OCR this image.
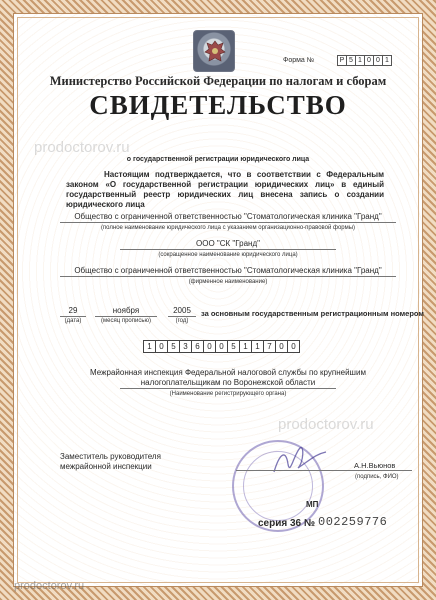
Форма №	Р 5 1 0 0 1
Министерство Российской Федерации по налогам и сборам
СВИДЕТЕЛЬСТВО
prodoctorov.ru
prodoctorov.ru
prodoctorov.ru
о государственной регистрации юридического лица
Настоящим подтверждается, что в соответствии с Федеральным законом «О государственной регистрации юридических лиц» в единый государственный реестр юридических лиц внесена запись о создании юридического лица
Общество с ограниченной ответственностью "Стоматологическая клиника "Гранд"
(полное наименование юридического лица с указанием организационно-правовой формы)
ООО "СК "Гранд"
(сокращенное наименование юридического лица)
Общество с ограниченной ответственностью "Стоматологическая клиника "Гранд"
(фирменное наименование)
29
(дата)
ноября
(месяц прописью)
2005
(год)
за основным государственным регистрационным номером
1 0 5 3 6 0 0 5 1 1 7 0 0
Межрайонная инспекция Федеральной налоговой службы по крупнейшим налогоплательщикам по Воронежской области
(Наименование регистрирующего органа)
Заместитель руководителя
межрайонной инспекции	А.Н.Вьюнов
(подпись, ФИО)
МП
серия 36 № 002259776
